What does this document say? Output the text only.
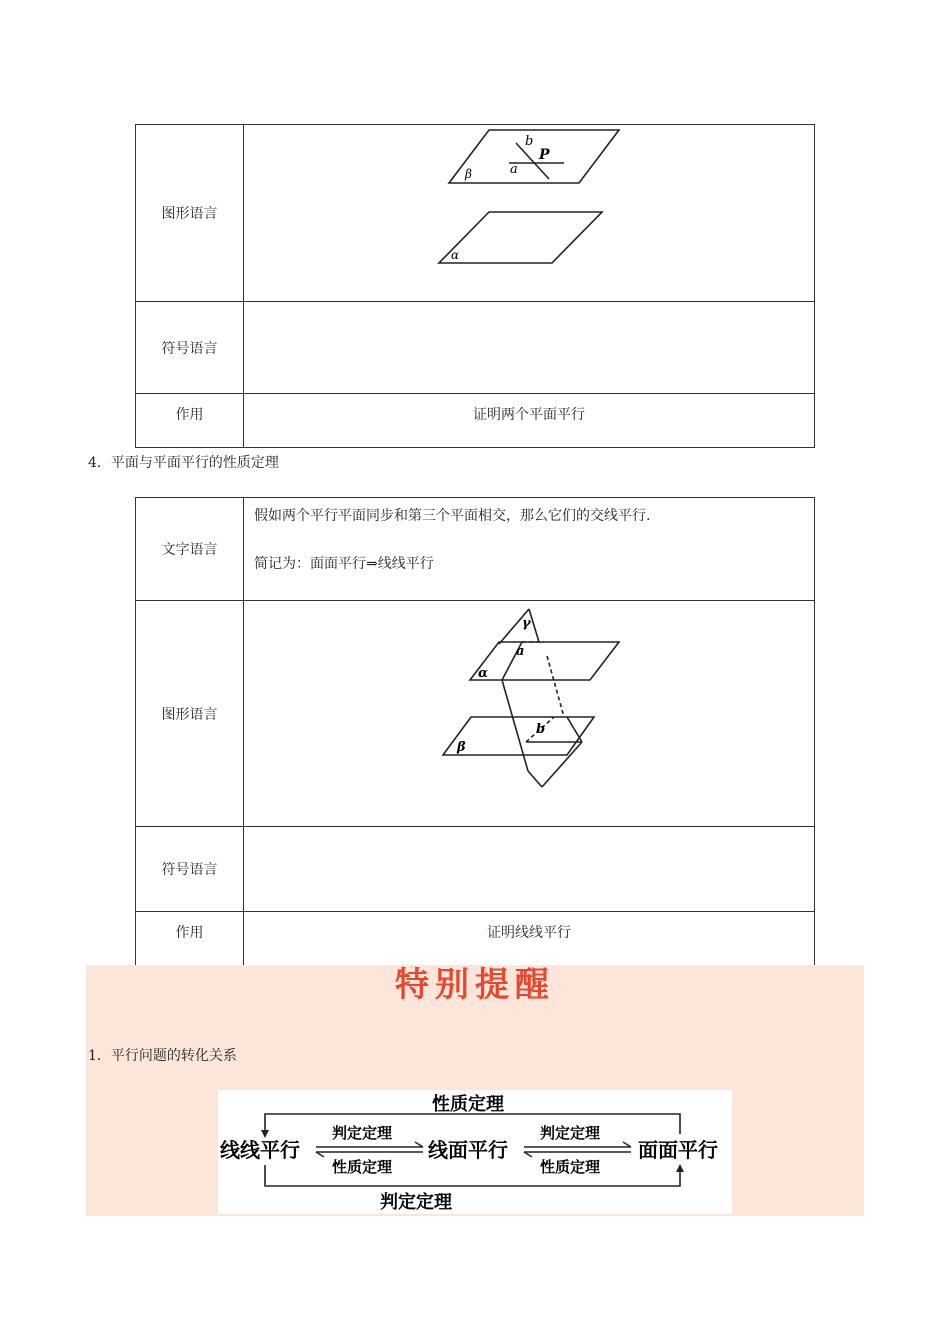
图形语言	b
P
a
β
α

符号语言	
作用	证明两个平面平行
4．平面与平面平行的性质定理
文字语言	假如两个平行平面同步和第三个平面相交，那么它们的交线平行.

简记为：面面平行⇒线线平行

图形语言	γ
a
α
b
β

符号语言	
作用	证明线线平行
特别提醒
1．平行问题的转化关系
性质定理
线线平行	线面平行	面面平行
判定定理
性质定理
判定定理
性质定理
判定定理
